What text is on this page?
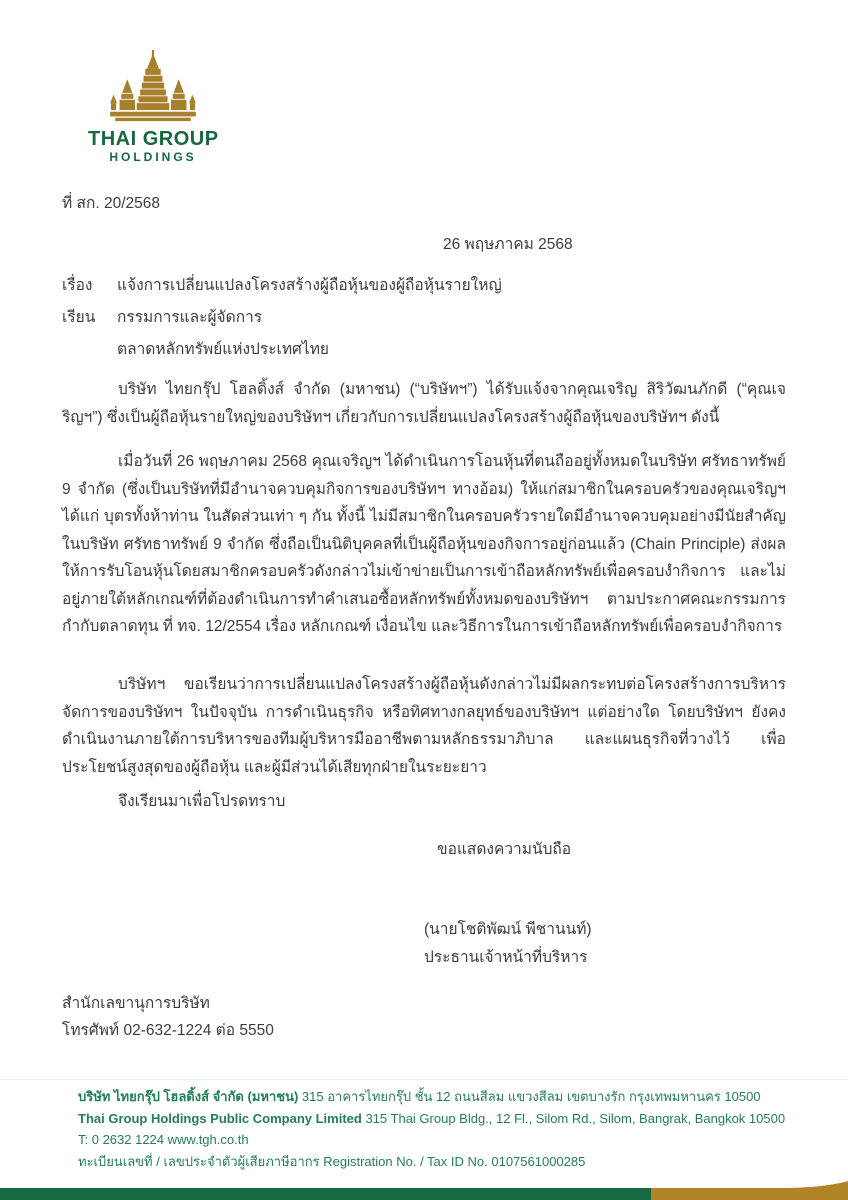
THAI GROUP
HOLDINGS
ที่ สก. 20/2568
26 พฤษภาคม 2568
เรื่อง	แจ้งการเปลี่ยนแปลงโครงสร้างผู้ถือหุ้นของผู้ถือหุ้นรายใหญ่
เรียน	กรรมการและผู้จัดการ
ตลาดหลักทรัพย์แห่งประเทศไทย
บริษัท ไทยกรุ๊ป โฮลดิ้งส์ จำกัด (มหาชน) (“บริษัทฯ”) ได้รับแจ้งจากคุณเจริญ สิริวัฒนภักดี (“คุณเจริญฯ”) ซึ่งเป็นผู้ถือหุ้นรายใหญ่ของบริษัทฯ เกี่ยวกับการเปลี่ยนแปลงโครงสร้างผู้ถือหุ้นของบริษัทฯ ดังนี้
เมื่อวันที่ 26 พฤษภาคม 2568 คุณเจริญฯ ได้ดำเนินการโอนหุ้นที่ตนถืออยู่ทั้งหมดในบริษัท ศรัทธาทรัพย์ 9 จำกัด (ซึ่งเป็นบริษัทที่มีอำนาจควบคุมกิจการของบริษัทฯ ทางอ้อม) ให้แก่สมาชิกในครอบครัวของคุณเจริญฯ ได้แก่ บุตรทั้งห้าท่าน ในสัดส่วนเท่า ๆ กัน ทั้งนี้ ไม่มีสมาชิกในครอบครัวรายใดมีอำนาจควบคุมอย่างมีนัยสำคัญในบริษัท ศรัทธาทรัพย์ 9 จำกัด ซึ่งถือเป็นนิติบุคคลที่เป็นผู้ถือหุ้นของกิจการอยู่ก่อนแล้ว (Chain Principle) ส่งผลให้การรับโอนหุ้นโดยสมาชิกครอบครัวดังกล่าวไม่เข้าข่ายเป็นการเข้าถือหลักทรัพย์เพื่อครอบงำกิจการ และไม่อยู่ภายใต้หลักเกณฑ์ที่ต้องดำเนินการทำคำเสนอซื้อหลักทรัพย์ทั้งหมดของบริษัทฯ ตามประกาศคณะกรรมการกำกับตลาดทุน ที่ ทจ. 12/2554 เรื่อง หลักเกณฑ์ เงื่อนไข และวิธีการในการเข้าถือหลักทรัพย์เพื่อครอบงำกิจการ
บริษัทฯ ขอเรียนว่าการเปลี่ยนแปลงโครงสร้างผู้ถือหุ้นดังกล่าวไม่มีผลกระทบต่อโครงสร้างการบริหารจัดการของบริษัทฯ ในปัจจุบัน การดำเนินธุรกิจ หรือทิศทางกลยุทธ์ของบริษัทฯ แต่อย่างใด โดยบริษัทฯ ยังคงดำเนินงานภายใต้การบริหารของทีมผู้บริหารมืออาชีพตามหลักธรรมาภิบาล และแผนธุรกิจที่วางไว้ เพื่อประโยชน์สูงสุดของผู้ถือหุ้น และผู้มีส่วนได้เสียทุกฝ่ายในระยะยาว
จึงเรียนมาเพื่อโปรดทราบ
ขอแสดงความนับถือ
(นายโชติพัฒน์ พีชานนท์)
ประธานเจ้าหน้าที่บริหาร
สำนักเลขานุการบริษัท
โทรศัพท์ 02-632-1224 ต่อ 5550
บริษัท ไทยกรุ๊ป โฮลดิ้งส์ จำกัด (มหาชน) 315 อาคารไทยกรุ๊ป ชั้น 12 ถนนสีลม แขวงสีลม เขตบางรัก กรุงเทพมหานคร 10500
Thai Group Holdings Public Company Limited 315 Thai Group Bldg., 12 Fl., Silom Rd., Silom, Bangrak, Bangkok 10500
T: 0 2632 1224 www.tgh.co.th
ทะเบียนเลขที่ / เลขประจำตัวผู้เสียภาษีอากร Registration No. / Tax ID No. 0107561000285
